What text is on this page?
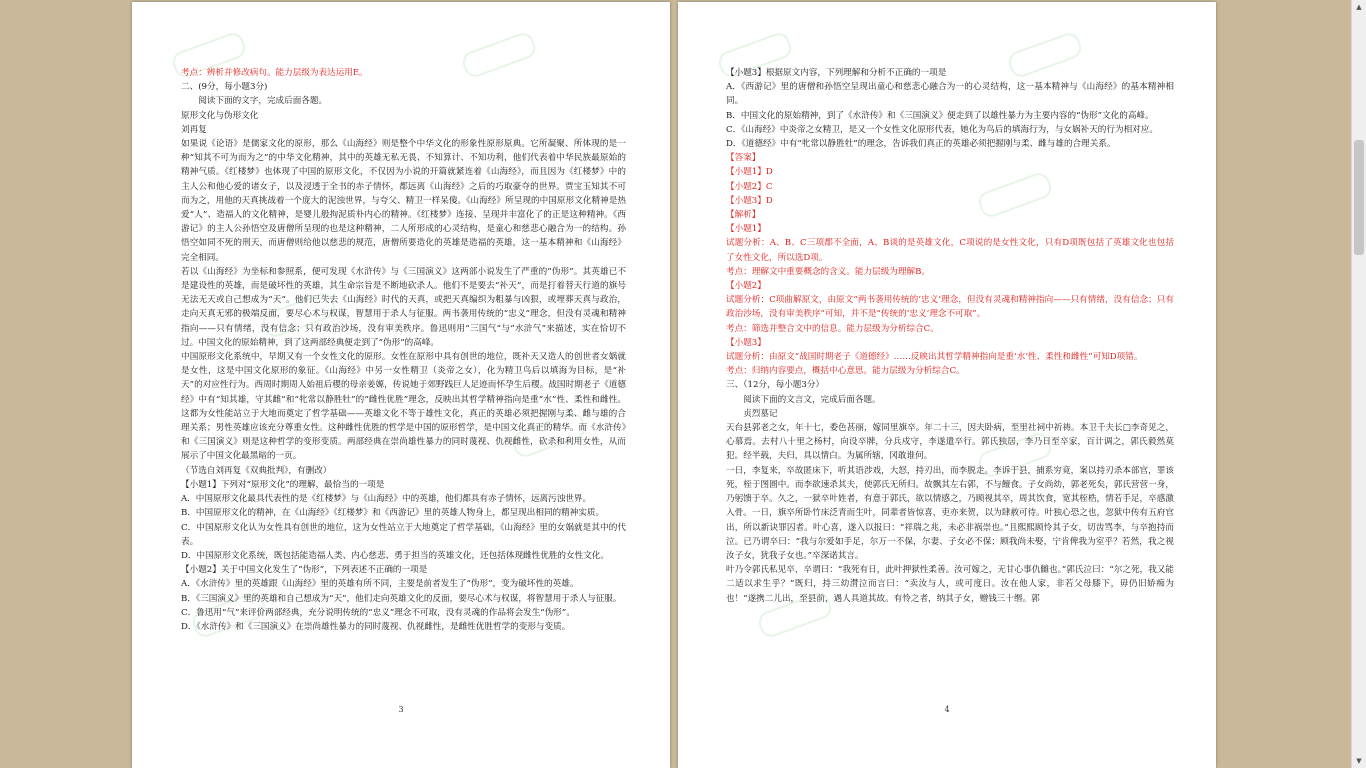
考点：辨析并修改病句。能力层级为表达运用E。

二、(9分，每小题3分)

阅读下面的文字，完成后面各题。

原形文化与伪形文化

刘再复

如果说《论语》是儒家文化的原形，那么《山海经》则是整个中华文化的形象性原形原典。它所凝聚、所体现的是一种“知其不可为而为之”的中华文化精神，其中的英雄无私无畏、不知算计、不知功利，他们代表着中华民族最原始的精神气质。《红楼梦》也体现了中国的原形文化，不仅因为小说的开篇就紧连着《山海经》，而且因为《红楼梦》中的主人公和他心爱的诸女子，以及浸透于全书的赤子情怀，都远离《山海经》之后的巧取豪夺的世界。贾宝玉知其不可而为之，用他的天真挑战着一个庞大的泥浊世界，与夸父、精卫一样呆傻。《山海经》所呈现的中国原形文化精神是热爱“人”、造福人的文化精神，是婴儿般拘泥质朴内心的精神。《红楼梦》连接、呈现并丰富化了的正是这种精神。《西游记》的主人公孙悟空及唐僧所呈现的也是这种精神，二人所形成的心灵结构，是童心和慈悲心融合为一的结构。孙悟空如同不死的刑天，而唐僧则给他以慈悲的规范，唐僧所要造化的英雄是造福的英雄，这一基本精神和《山海经》完全相同。

若以《山海经》为坐标和参照系，便可发现《水浒传》与《三国演义》这两部小说发生了严重的“伪形”。其英雄已不是建设性的英雄，而是破坏性的英雄，其生命宗旨是不断地砍杀人。他们不是要去“补天”，而是打着替天行道的旗号无法无天或自己想成为“天”。他们已失去《山海经》时代的天真，或把天真编织为粗暴与凶狠，或埋葬天真与政治，走向天真无邪的极端反面，要尽心术与权谋，智慧用于杀人与征服。两书袭用传统的“忠义”理念，但没有灵魂和精神指向——只有情绪，没有信念；只有政治沙场，没有审美秩序。鲁迅则用“三国气”与“水浒气”来描述，实在恰切不过。中国文化的原始精神，到了这两部经典便走到了“伪形”的高峰。

中国原形文化系统中，早期又有一个女性文化的原形。女性在原形中具有创世的地位，既补天又造人的创世者女娲就是女性，这是中国文化原形的象征。《山海经》中另一女性精卫（炎帝之女），化为精卫鸟后以填海为目标，是“补天”的对应性行为。西周时期周人始祖后稷的母亲姜嫄，传说她于郊野践巨人足迹而怀孕生后稷。战国时期老子《道德经》中有“知其雄，守其雌”和“牝常以静胜牡”的“雌性优胜”理念，反映出其哲学精神指向是重“水”性、柔性和雌性。这都为女性能站立于大地而奠定了哲学基础——英雄文化不等于雄性文化，真正的英雄必须把握刚与柔、雌与雄的合理关系；男性英雄应该充分尊重女性。这种雌性优胜的哲学是中国的原形哲学，是中国文化真正的精华。而《水浒传》和《三国演义》则是这种哲学的变形变质。两部经典在崇尚雄性暴力的同时蔑视、仇视雌性，砍杀和利用女性，从而展示了中国文化最黑暗的一页。

（节选自刘再复《双典批判》，有删改）

【小题1】下列对“原形文化”的理解，最恰当的一项是

A．中国原形文化最具代表性的是《红楼梦》与《山海经》中的英雄，他们都具有赤子情怀，远离污浊世界。

B．中国原形文化的精神，在《山海经》《红楼梦》和《西游记》里的英雄人物身上，都呈现出相同的精神实质。

C．中国原形文化认为女性具有创世的地位，这为女性站立于大地奠定了哲学基础，《山海经》里的女娲就是其中的代表。

D．中国原形文化系统，既包括能造福人类、内心慈悲、勇于担当的英雄文化，还包括体现雌性优胜的女性文化。

【小题2】关于中国文化发生了“伪形”，下列表述不正确的一项是

A．《水浒传》里的英雄跟《山海经》里的英雄有所不同，主要是前者发生了“伪形”，变为破坏性的英雄。

B．《三国演义》里的英雄和自己想成为“天”，他们走向英雄文化的反面，要尽心术与权谋，将智慧用于杀人与征服。

C．鲁迅用“气”来评价两部经典，充分说明传统的“忠义”理念不可取，没有灵魂的作品将会发生“伪形”。

D．《水浒传》和《三国演义》在崇尚雄性暴力的同时蔑视、仇视雌性，是雌性优胜哲学的变形与变质。

3

【小题3】根据原文内容，下列理解和分析不正确的一项是

A．《西游记》里的唐僧和孙悟空呈现出童心和慈悲心融合为一的心灵结构，这一基本精神与《山海经》的基本精神相同。

B．中国文化的原始精神，到了《水浒传》和《三国演义》便走到了以雄性暴力为主要内容的“伪形”文化的高峰。

C．《山海经》中炎帝之女精卫，是又一个女性文化原形代表，她化为鸟后的填海行为，与女娲补天的行为相对应。

D．《道德经》中有“牝常以静胜牡”的理念，告诉我们真正的英雄必须把握刚与柔、雌与雄的合理关系。

【答案】

【小题1】D

【小题2】C

【小题3】D

【解析】

【小题1】

试题分析：A、B、C三项都不全面，A、B谈的是英雄文化，C项说的是女性文化，只有D项既包括了英雄文化也包括了女性文化，所以选D项。

考点：理解文中重要概念的含义。能力层级为理解B。

【小题2】

试题分析：C项曲解原文，由原文“两书袭用传统的‘忠义’理念，但没有灵魂和精神指向——只有情绪，没有信念；只有政治沙场，没有审美秩序”可知，并不是“传统的‘忠义’理念不可取”。

考点：筛选并整合文中的信息。能力层级为分析综合C。

【小题3】

试题分析：由原文“战国时期老子《道德经》……反映出其哲学精神指向是重‘水’性、柔性和雌性”可知D项错。

考点：归纳内容要点，概括中心意思。能力层级为分析综合C。

三、（12分，每小题3分）

阅读下面的文言文，完成后面各题。

贞烈墓记

天台县郭老之女，年十七，委色甚丽，嫁同里旗卒。年二十三，因夫卧病，至里社祠中祈祷。本卫千夫长□李奇见之，心慕焉。去村八十里之杨村，向设卒牌，分兵戍守，李遂遣卒行。郭氏独居，李乃日至卒家，百计调之，郭氏毅然莫犯。经半载，夫归，具以情白。为属所辖，冈敢谁何。

一日，李复来，卒故匿床下，听其语涉戏，大怒，持刃出，而李脱走。李诉于县，捕系穷竟，案以持刃杀本部官，罪该死，桎于图圄中。而李欲速杀其夫，使郭氏无所归。故飘其左右郭，不与饘食。子女尚幼，郭老死矣，郭氏营营一身，乃躬馈于卒。久之，一狱卒叶姓者，有意于郭氏，欲以情感之，乃顾视其卒，周其饮食，宽其桎梏，情若手足，卒感激入骨。一日，旗卒所卧竹床泛青而生叶，同辈者皆惊喜，吏亦来贺，以为肆赦可待。叶独心恐之也，忽狱中传有五府官出，所以新诀罪囚者。叶心喜，遂入以报曰：“祥瑞之兆，未必非祸崇也。”且熙熙顾怜其子女，切齿骂李，与卒抱持而泣。已乃谓卒曰：“我与尔爱如手足，尔万一不保，尔妻、子女必不保；顾我尚未娶，宁肯俾我为室乎？若然，我之视汝子女，犹我子女也。”卒深诺其言。

叶乃令郭氏私见卒，卒谓曰：“我死有日，此叶押狱性柔善。汝可嫁之，无甘心事仇雠也。”郭氏泣曰：“尔之死，我又能二适以求生乎？”既归，持三幼潸泣而言曰：“卖汝与人，或可度日。汝在他人家，非若父母膝下，毋仍旧娇痴为也！”遂携二儿出，至县前，遇人具道其故。有怜之者，纳其子女，赠钱三十缗。郭

4
▲
▼
